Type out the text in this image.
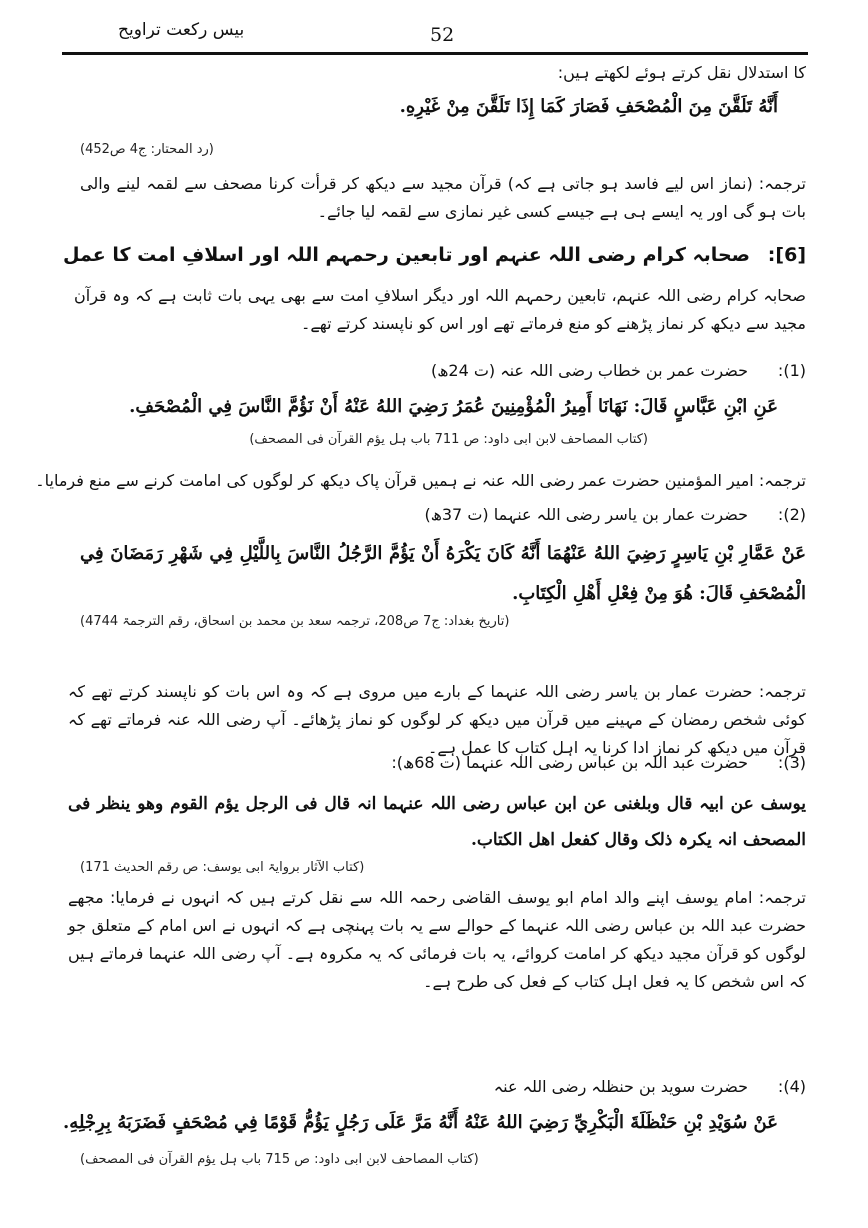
بیس رکعت تراویح	52
کا استدلال نقل کرتے ہوئے لکھتے ہیں:
أَنَّهُ تَلَقَّنَ مِنَ الْمُصْحَفِ فَصَارَ كَمَا إِذَا تَلَقَّنَ مِنْ غَيْرِهِ.
(رد المحتار: ج4 ص452)
ترجمہ: (نماز اس لیے فاسد ہو جاتی ہے کہ) قرآن مجید سے دیکھ کر قرأت کرنا مصحف سے لقمہ لینے والی بات ہو گی اور یہ ایسے ہی ہے جیسے کسی غیر نمازی سے لقمہ لیا جائے۔
[6]:
صحابہ کرام رضی اللہ عنہم اور تابعین رحمہم اللہ اور اسلافِ امت کا عمل
صحابہ کرام رضی اللہ عنہم، تابعین رحمہم اللہ اور دیگر اسلافِ امت سے بھی یہی بات ثابت ہے کہ وہ قرآن مجید سے دیکھ کر نماز پڑھنے کو منع فرماتے تھے اور اس کو ناپسند کرتے تھے۔
(1):
حضرت عمر بن خطاب رضی اللہ عنہ (ت 24ھ)
عَنِ ابْنِ عَبَّاسٍ قَالَ: نَهَانَا أَمِيرُ الْمُؤْمِنِينَ عُمَرُ رَضِيَ اللهُ عَنْهُ أَنْ نَؤُمَّ النَّاسَ فِي الْمُصْحَفِ.
(کتاب المصاحف لابن ابی داود: ص 711 باب ہل یؤم القرآن فی المصحف)
ترجمہ: امیر المؤمنین حضرت عمر رضی اللہ عنہ نے ہمیں قرآن پاک دیکھ کر لوگوں کی امامت کرنے سے منع فرمایا۔
(2):
حضرت عمار بن یاسر رضی اللہ عنہما (ت 37ھ)
عَنْ عَمَّارِ بْنِ يَاسِرٍ رَضِيَ اللهُ عَنْهُمَا أَنَّهُ كَانَ يَكْرَهُ أَنْ يَؤُمَّ الرَّجُلُ النَّاسَ بِاللَّيْلِ فِي شَهْرِ رَمَضَانَ فِي الْمُصْحَفِ قَالَ: هُوَ مِنْ فِعْلِ أَهْلِ الْكِتَابِ.
(تاریخ بغداد: ج7 ص208، ترجمہ سعد بن محمد بن اسحاق، رقم الترجمۃ 4744)
ترجمہ: حضرت عمار بن یاسر رضی اللہ عنہما کے بارے میں مروی ہے کہ وہ اس بات کو ناپسند کرتے تھے کہ کوئی شخص رمضان کے مہینے میں قرآن میں دیکھ کر لوگوں کو نماز پڑھائے۔ آپ رضی اللہ عنہ فرماتے تھے کہ قرآن میں دیکھ کر نماز ادا کرنا یہ اہل کتاب کا عمل ہے۔
(3):
حضرت عبد اللہ بن عباس رضی اللہ عنہما (ت 68ھ):
یوسف عن ابیہ قال وبلغنی عن ابن عباس رضی اللہ عنہما انہ قال فی الرجل یؤم القوم وھو ینظر فی المصحف انہ یکرہ ذلک وقال کفعل اھل الکتاب.
(کتاب الآثار بروایۃ ابی یوسف: ص رقم الحدیث 171)
ترجمہ: امام یوسف اپنے والد امام ابو یوسف القاضی رحمہ اللہ سے نقل کرتے ہیں کہ انہوں نے فرمایا: مجھے حضرت عبد اللہ بن عباس رضی اللہ عنہما کے حوالے سے یہ بات پہنچی ہے کہ انہوں نے اس امام کے متعلق جو لوگوں کو قرآن مجید دیکھ کر امامت کروائے، یہ بات فرمائی کہ یہ مکروہ ہے۔ آپ رضی اللہ عنہما فرماتے ہیں کہ اس شخص کا یہ فعل اہل کتاب کے فعل کی طرح ہے۔
(4):
حضرت سوید بن حنظلہ رضی اللہ عنہ
عَنْ سُوَيْدِ بْنِ حَنْظَلَةَ الْبَكْرِيِّ رَضِيَ اللهُ عَنْهُ أَنَّهُ مَرَّ عَلَى رَجُلٍ يَؤُمُّ قَوْمًا فِي مُصْحَفٍ فَضَرَبَهُ بِرِجْلِهِ.
(کتاب المصاحف لابن ابی داود: ص 715 باب ہل یؤم القرآن فی المصحف)
